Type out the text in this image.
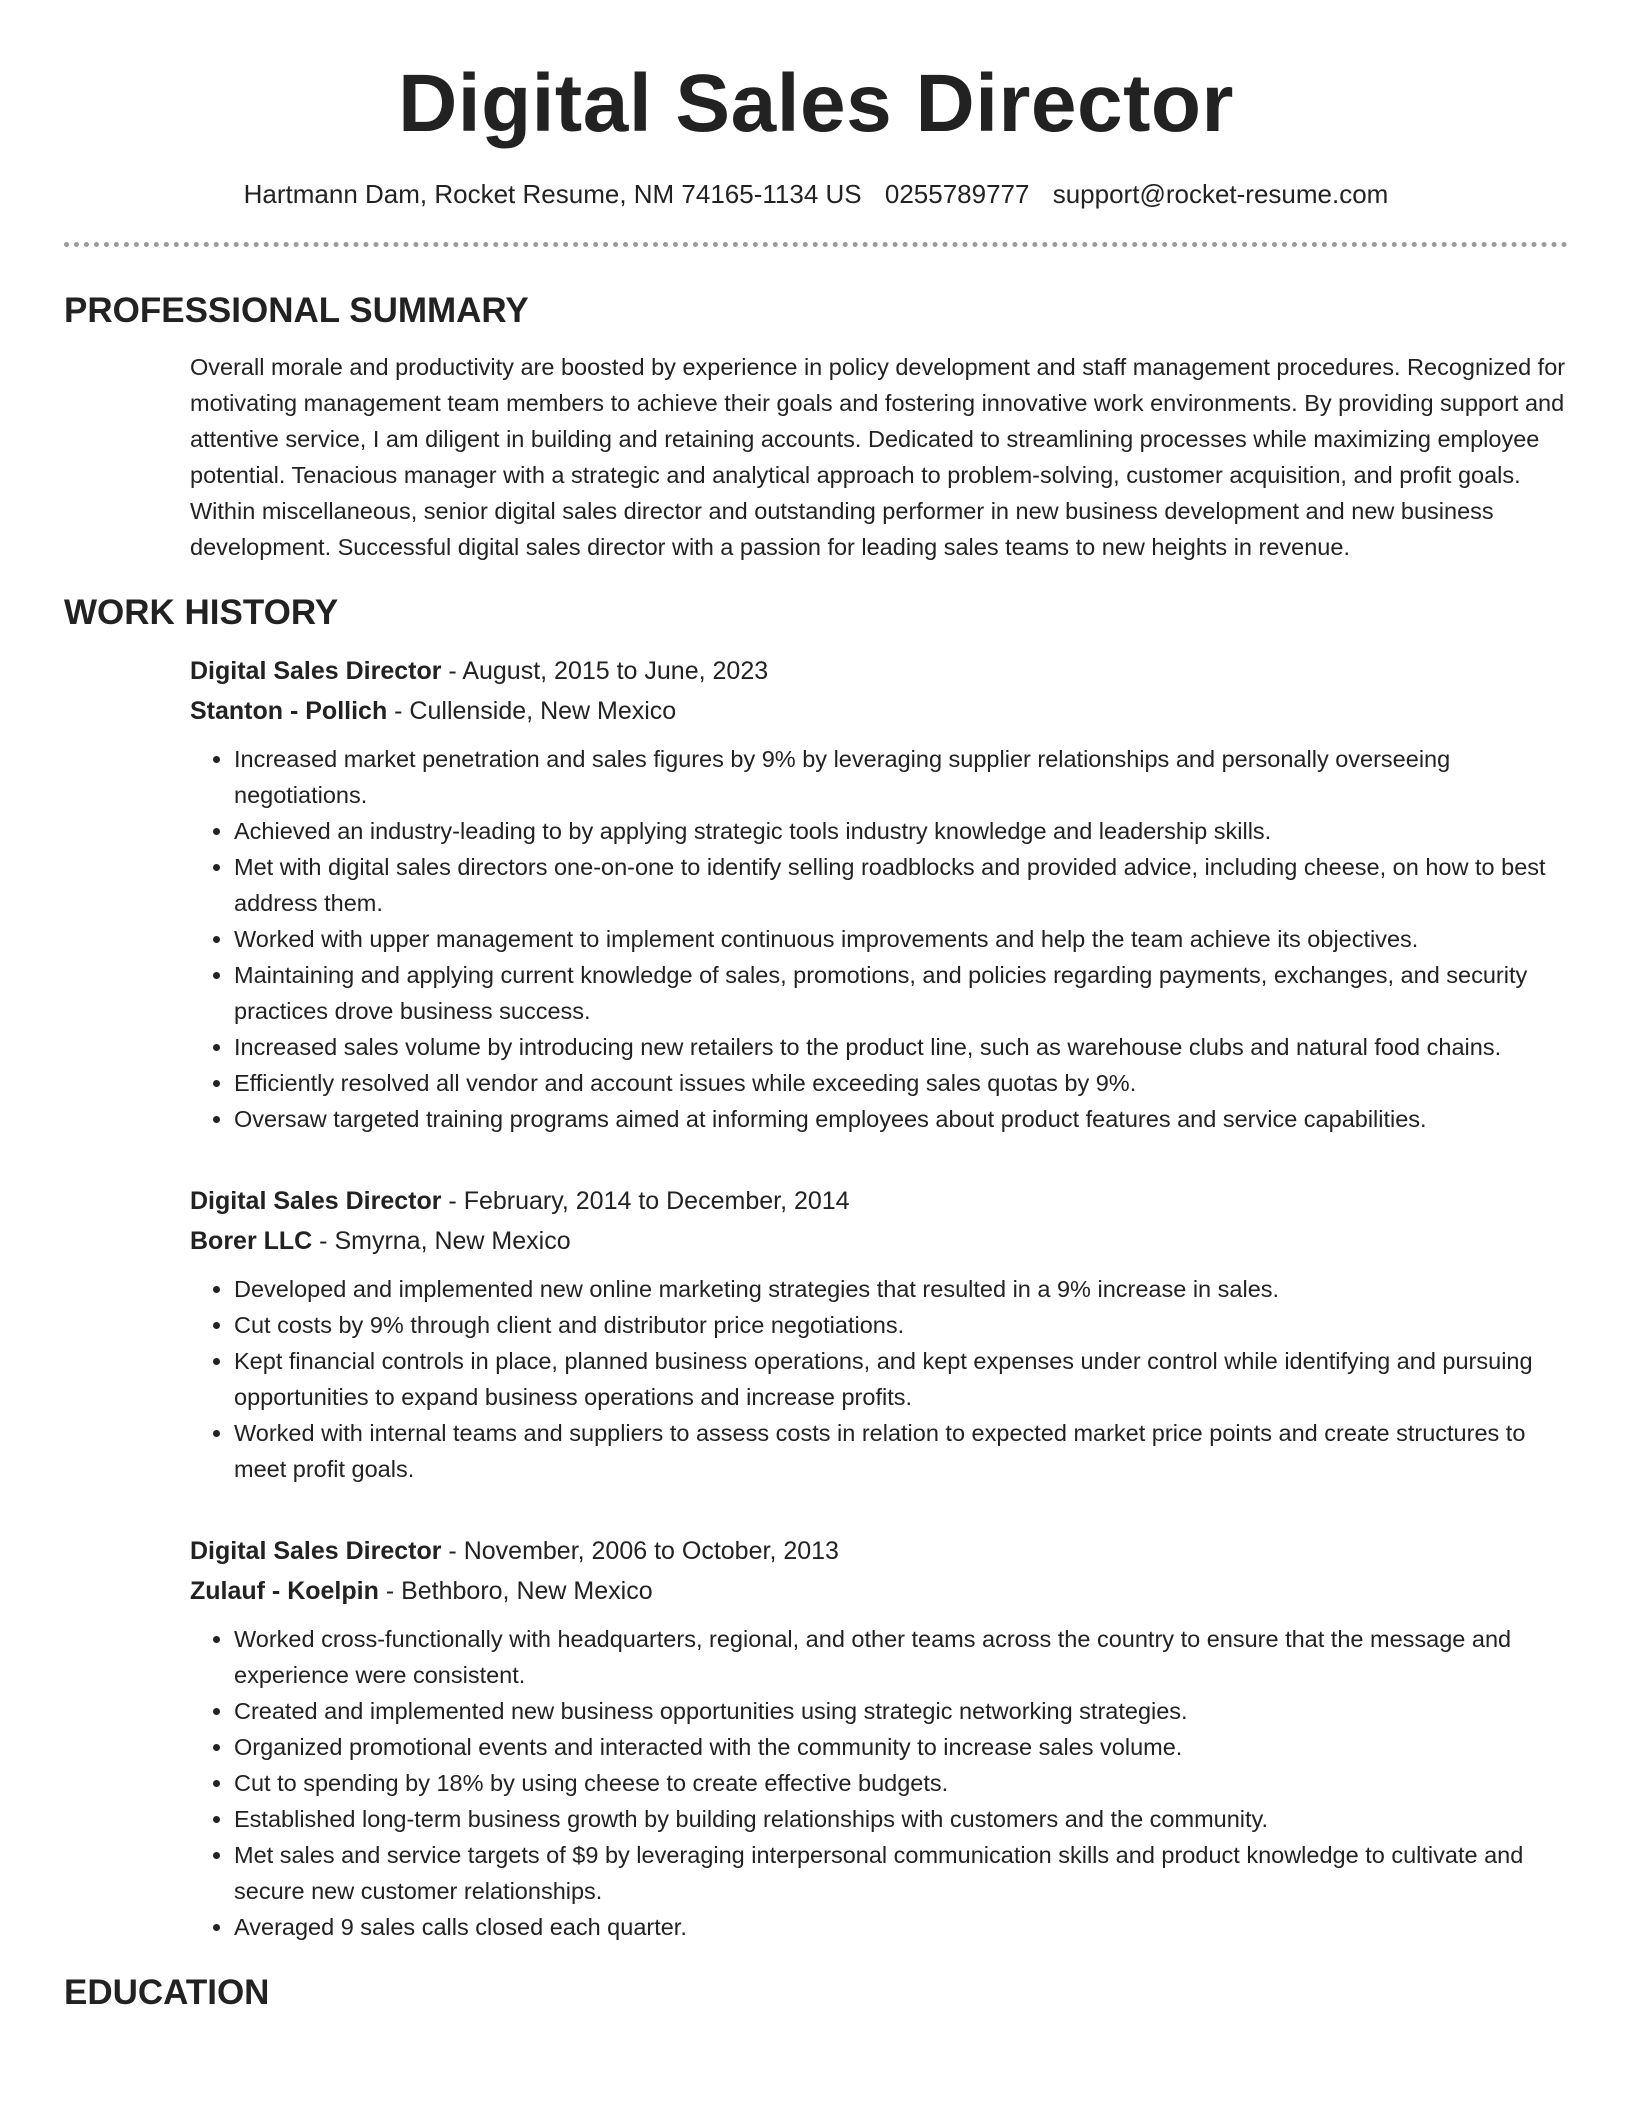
Digital Sales Director
Hartmann Dam, Rocket Resume, NM 74165-1134 US 0255789777 support@rocket-resume.com
PROFESSIONAL SUMMARY
Overall morale and productivity are boosted by experience in policy development and staff management procedures. Recognized for motivating management team members to achieve their goals and fostering innovative work environments. By providing support and attentive service, I am diligent in building and retaining accounts. Dedicated to streamlining processes while maximizing employee potential. Tenacious manager with a strategic and analytical approach to problem-solving, customer acquisition, and profit goals. Within miscellaneous, senior digital sales director and outstanding performer in new business development and new business development. Successful digital sales director with a passion for leading sales teams to new heights in revenue.
WORK HISTORY
Digital Sales Director - August, 2015 to June, 2023
Stanton - Pollich - Cullenside, New Mexico
• Increased market penetration and sales figures by 9% by leveraging supplier relationships and personally overseeing negotiations.
• Achieved an industry-leading to by applying strategic tools industry knowledge and leadership skills.
• Met with digital sales directors one-on-one to identify selling roadblocks and provided advice, including cheese, on how to best address them.
• Worked with upper management to implement continuous improvements and help the team achieve its objectives.
• Maintaining and applying current knowledge of sales, promotions, and policies regarding payments, exchanges, and security practices drove business success.
• Increased sales volume by introducing new retailers to the product line, such as warehouse clubs and natural food chains.
• Efficiently resolved all vendor and account issues while exceeding sales quotas by 9%.
• Oversaw targeted training programs aimed at informing employees about product features and service capabilities.
Digital Sales Director - February, 2014 to December, 2014
Borer LLC - Smyrna, New Mexico
• Developed and implemented new online marketing strategies that resulted in a 9% increase in sales.
• Cut costs by 9% through client and distributor price negotiations.
• Kept financial controls in place, planned business operations, and kept expenses under control while identifying and pursuing opportunities to expand business operations and increase profits.
• Worked with internal teams and suppliers to assess costs in relation to expected market price points and create structures to meet profit goals.
Digital Sales Director - November, 2006 to October, 2013
Zulauf - Koelpin - Bethboro, New Mexico
• Worked cross-functionally with headquarters, regional, and other teams across the country to ensure that the message and experience were consistent.
• Created and implemented new business opportunities using strategic networking strategies.
• Organized promotional events and interacted with the community to increase sales volume.
• Cut to spending by 18% by using cheese to create effective budgets.
• Established long-term business growth by building relationships with customers and the community.
• Met sales and service targets of $9 by leveraging interpersonal communication skills and product knowledge to cultivate and secure new customer relationships.
• Averaged 9 sales calls closed each quarter.
EDUCATION
